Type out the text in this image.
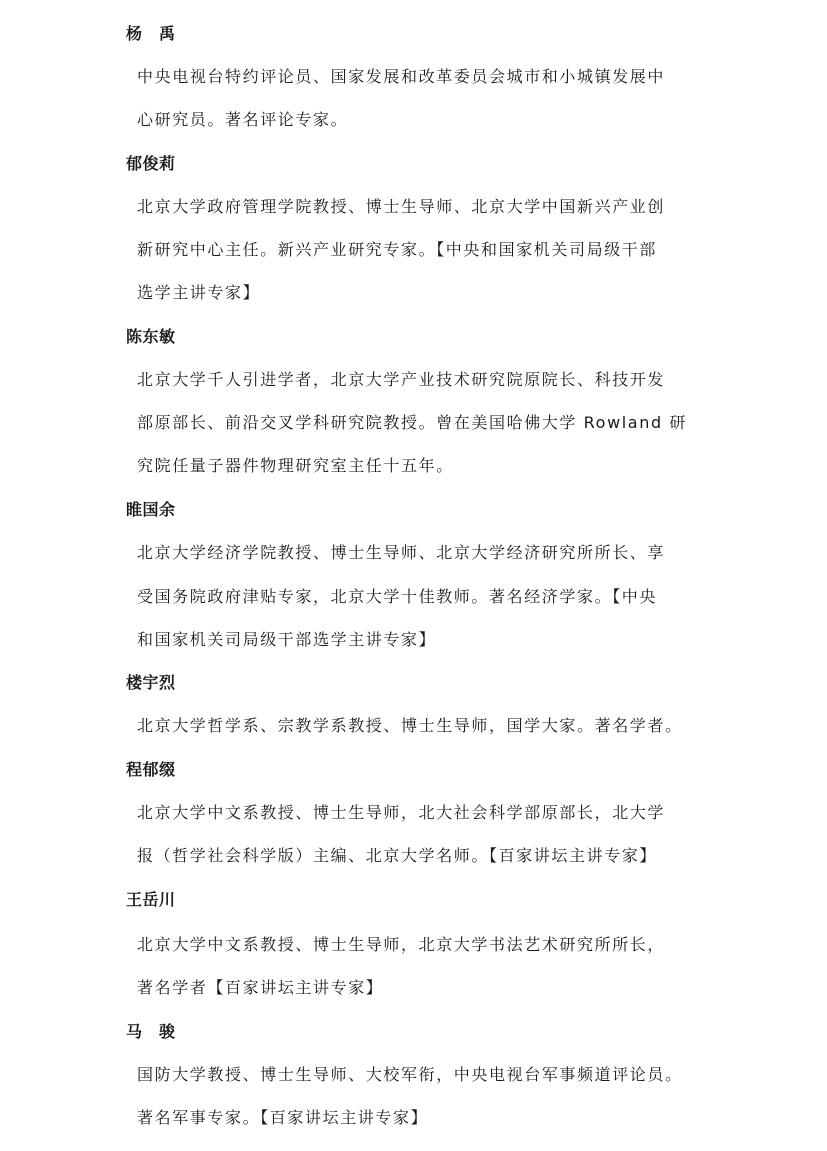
杨　禹
中央电视台特约评论员、国家发展和改革委员会城市和小城镇发展中
心研究员。著名评论专家。
郁俊莉
北京大学政府管理学院教授、博士生导师、北京大学中国新兴产业创
新研究中心主任。新兴产业研究专家。【中央和国家机关司局级干部
选学主讲专家】
陈东敏
北京大学千人引进学者，北京大学产业技术研究院原院长、科技开发
部原部长、前沿交叉学科研究院教授。曾在美国哈佛大学 Rowland 研
究院任量子器件物理研究室主任十五年。
睢国余
北京大学经济学院教授、博士生导师、北京大学经济研究所所长、享
受国务院政府津贴专家，北京大学十佳教师。著名经济学家。【中央
和国家机关司局级干部选学主讲专家】
楼宇烈
北京大学哲学系、宗教学系教授、博士生导师，国学大家。著名学者。
程郁缀
北京大学中文系教授、博士生导师，北大社会科学部原部长，北大学
报（哲学社会科学版）主编、北京大学名师。【百家讲坛主讲专家】
王岳川
北京大学中文系教授、博士生导师，北京大学书法艺术研究所所长，
著名学者【百家讲坛主讲专家】
马　骏
国防大学教授、博士生导师、大校军衔，中央电视台军事频道评论员。
著名军事专家。【百家讲坛主讲专家】
